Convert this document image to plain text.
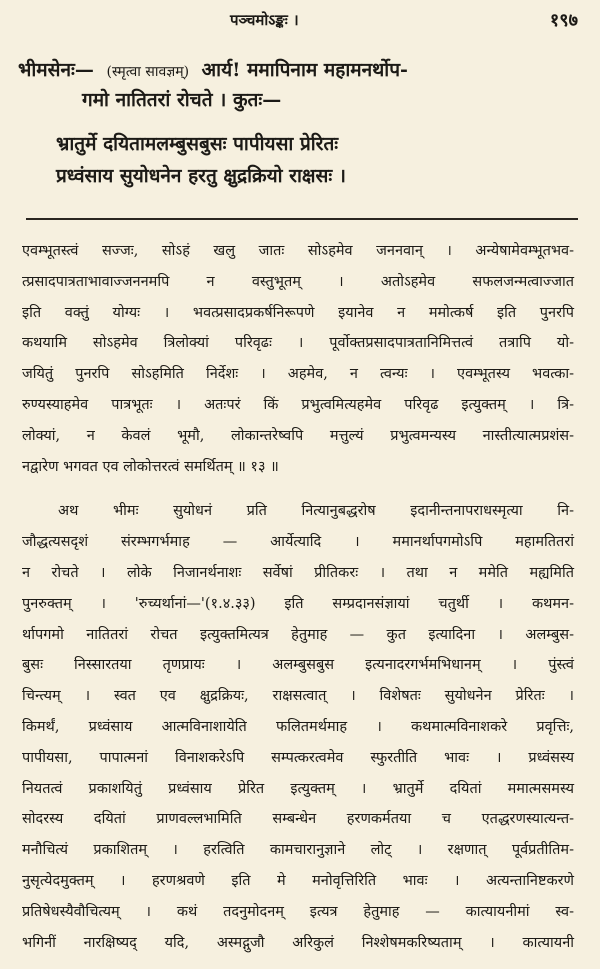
पञ्चमोऽङ्कः ।	१९७
भीमसेनः— (स्मृत्वा सावज्ञम्) आर्य! ममापिनाम महामनर्थोप-
गमो नातितरां रोचते । कुतः—
भ्रातुर्मे दयितामलम्बुसबुसः पापीयसा प्रेरितः
प्रध्वंसाय सुयोधनेन हरतु क्षुद्रक्रियो राक्षसः ।

एवम्भूतस्त्वं सज्जः, सोऽहं खलु जातः सोऽहमेव जननवान् । अन्येषामेवम्भूतभव-

त्प्रसादपात्रताभावाज्जननमपि न वस्तुभूतम् । अतोऽहमेव सफलजन्मत्वाज्जात

इति वक्तुं योग्यः । भवत्प्रसादप्रकर्षनिरूपणे इयानेव न ममोत्कर्ष इति पुनरपि

कथयामि सोऽहमेव त्रिलोक्यां परिवृढः । पूर्वोक्तप्रसादपात्रतानिमित्तत्वं तत्रापि यो-

जयितुं पुनरपि सोऽहमिति निर्देशः । अहमेव, न त्वन्यः । एवम्भूतस्य भवत्का-

रुण्यस्याहमेव पात्रभूतः । अतःपरं किं प्रभुत्वमित्यहमेव परिवृढ इत्युक्तम् । त्रि-

लोक्यां, न केवलं भूमौ, लोकान्तरेष्वपि मत्तुल्यं प्रभुत्वमन्यस्य नास्तीत्यात्मप्रशंस-

नद्वारेण भगवत एव लोकोत्तरत्वं समर्थितम् ॥ १३ ॥

अथ भीमः सुयोधनं प्रति नित्यानुबद्धरोष इदानीन्तनापराधस्मृत्या नि-

जौद्धत्यसदृशं संरम्भगर्भमाह — आर्येत्यादि । ममानर्थापगमोऽपि महामतितरां

न रोचते । लोके निजानर्थनाशः सर्वेषां प्रीतिकरः । तथा न ममेति मह्यमिति

पुनरुक्तम् । 'रुच्यर्थानां—'(१.४.३३) इति सम्प्रदानसंज्ञायां चतुर्थी । कथमन-

र्थापगमो नातितरां रोचत इत्युक्तमित्यत्र हेतुमाह — कुत इत्यादिना । अलम्बुस-

बुसः निस्सारतया तृणप्रायः । अलम्बुसबुस इत्यनादरगर्भमभिधानम् । पुंस्त्वं

चिन्त्यम् । स्वत एव क्षुद्रक्रियः, राक्षसत्वात् । विशेषतः सुयोधनेन प्रेरितः ।

किमर्थं, प्रध्वंसाय आत्मविनाशायेति फलितमर्थमाह । कथमात्मविनाशकरे प्रवृत्तिः,

पापीयसा, पापात्मनां विनाशकरेऽपि सम्पत्करत्वमेव स्फुरतीति भावः । प्रध्वंसस्य

नियतत्वं प्रकाशयितुं प्रध्वंसाय प्रेरित इत्युक्तम् । भ्रातुर्मे दयितां ममात्मसमस्य

सोदरस्य दयितां प्राणवल्लभामिति सम्बन्धेन हरणकर्मतया च एतद्धरणस्यात्यन्त-

मनौचित्यं प्रकाशितम् । हरत्विति कामचारानुज्ञाने लोट् । रक्षणात् पूर्वप्रतीतिम-

नुसृत्येदमुक्तम् । हरणश्रवणे इति मे मनोवृत्तिरिति भावः । अत्यन्तानिष्टकरणे

प्रतिषेधस्यैवौचित्यम् । कथं तदनुमोदनम् इत्यत्र हेतुमाह — कात्यायनीमां स्व-

भगिनीं नारक्षिष्यद् यदि, अस्मद्गुजौ अरिकुलं निश्शेषमकरिष्यताम् । कात्यायनी
